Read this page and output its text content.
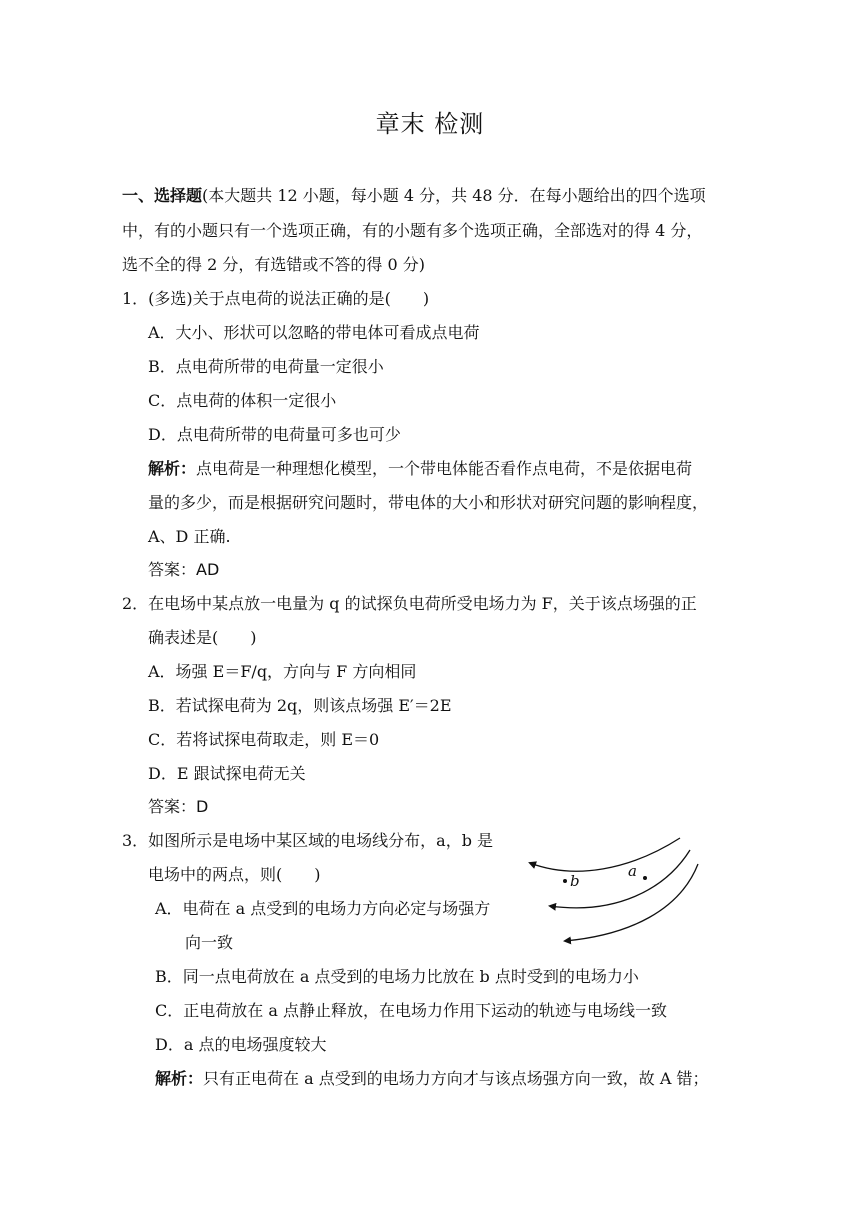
章末 检测
一、选择题(本大题共 12 小题，每小题 4 分，共 48 分．在每小题给出的四个选项
中，有的小题只有一个选项正确，有的小题有多个选项正确，全部选对的得 4 分，
选不全的得 2 分，有选错或不答的得 0 分)
1．(多选)关于点电荷的说法正确的是(　　)
A．大小、形状可以忽略的带电体可看成点电荷
B．点电荷所带的电荷量一定很小
C．点电荷的体积一定很小
D．点电荷所带的电荷量可多也可少
解析：点电荷是一种理想化模型，一个带电体能否看作点电荷，不是依据电荷
量的多少，而是根据研究问题时，带电体的大小和形状对研究问题的影响程度，
A、D 正确.
答案：AD
2．在电场中某点放一电量为 q 的试探负电荷所受电场力为 F，关于该点场强的正
确表述是(　　)
A．场强 E＝F/q，方向与 F 方向相同
B．若试探电荷为 2q，则该点场强 E′＝2E
C．若将试探电荷取走，则 E＝0
D．E 跟试探电荷无关
答案：D
3．如图所示是电场中某区域的电场线分布，a，b 是
电场中的两点，则(　　)
A．电荷在 a 点受到的电场力方向必定与场强方
向一致
B．同一点电荷放在 a 点受到的电场力比放在 b 点时受到的电场力小
C．正电荷放在 a 点静止释放，在电场力作用下运动的轨迹与电场线一致
D．a 点的电场强度较大
解析：只有正电荷在 a 点受到的电场力方向才与该点场强方向一致，故 A 错；
b
a
